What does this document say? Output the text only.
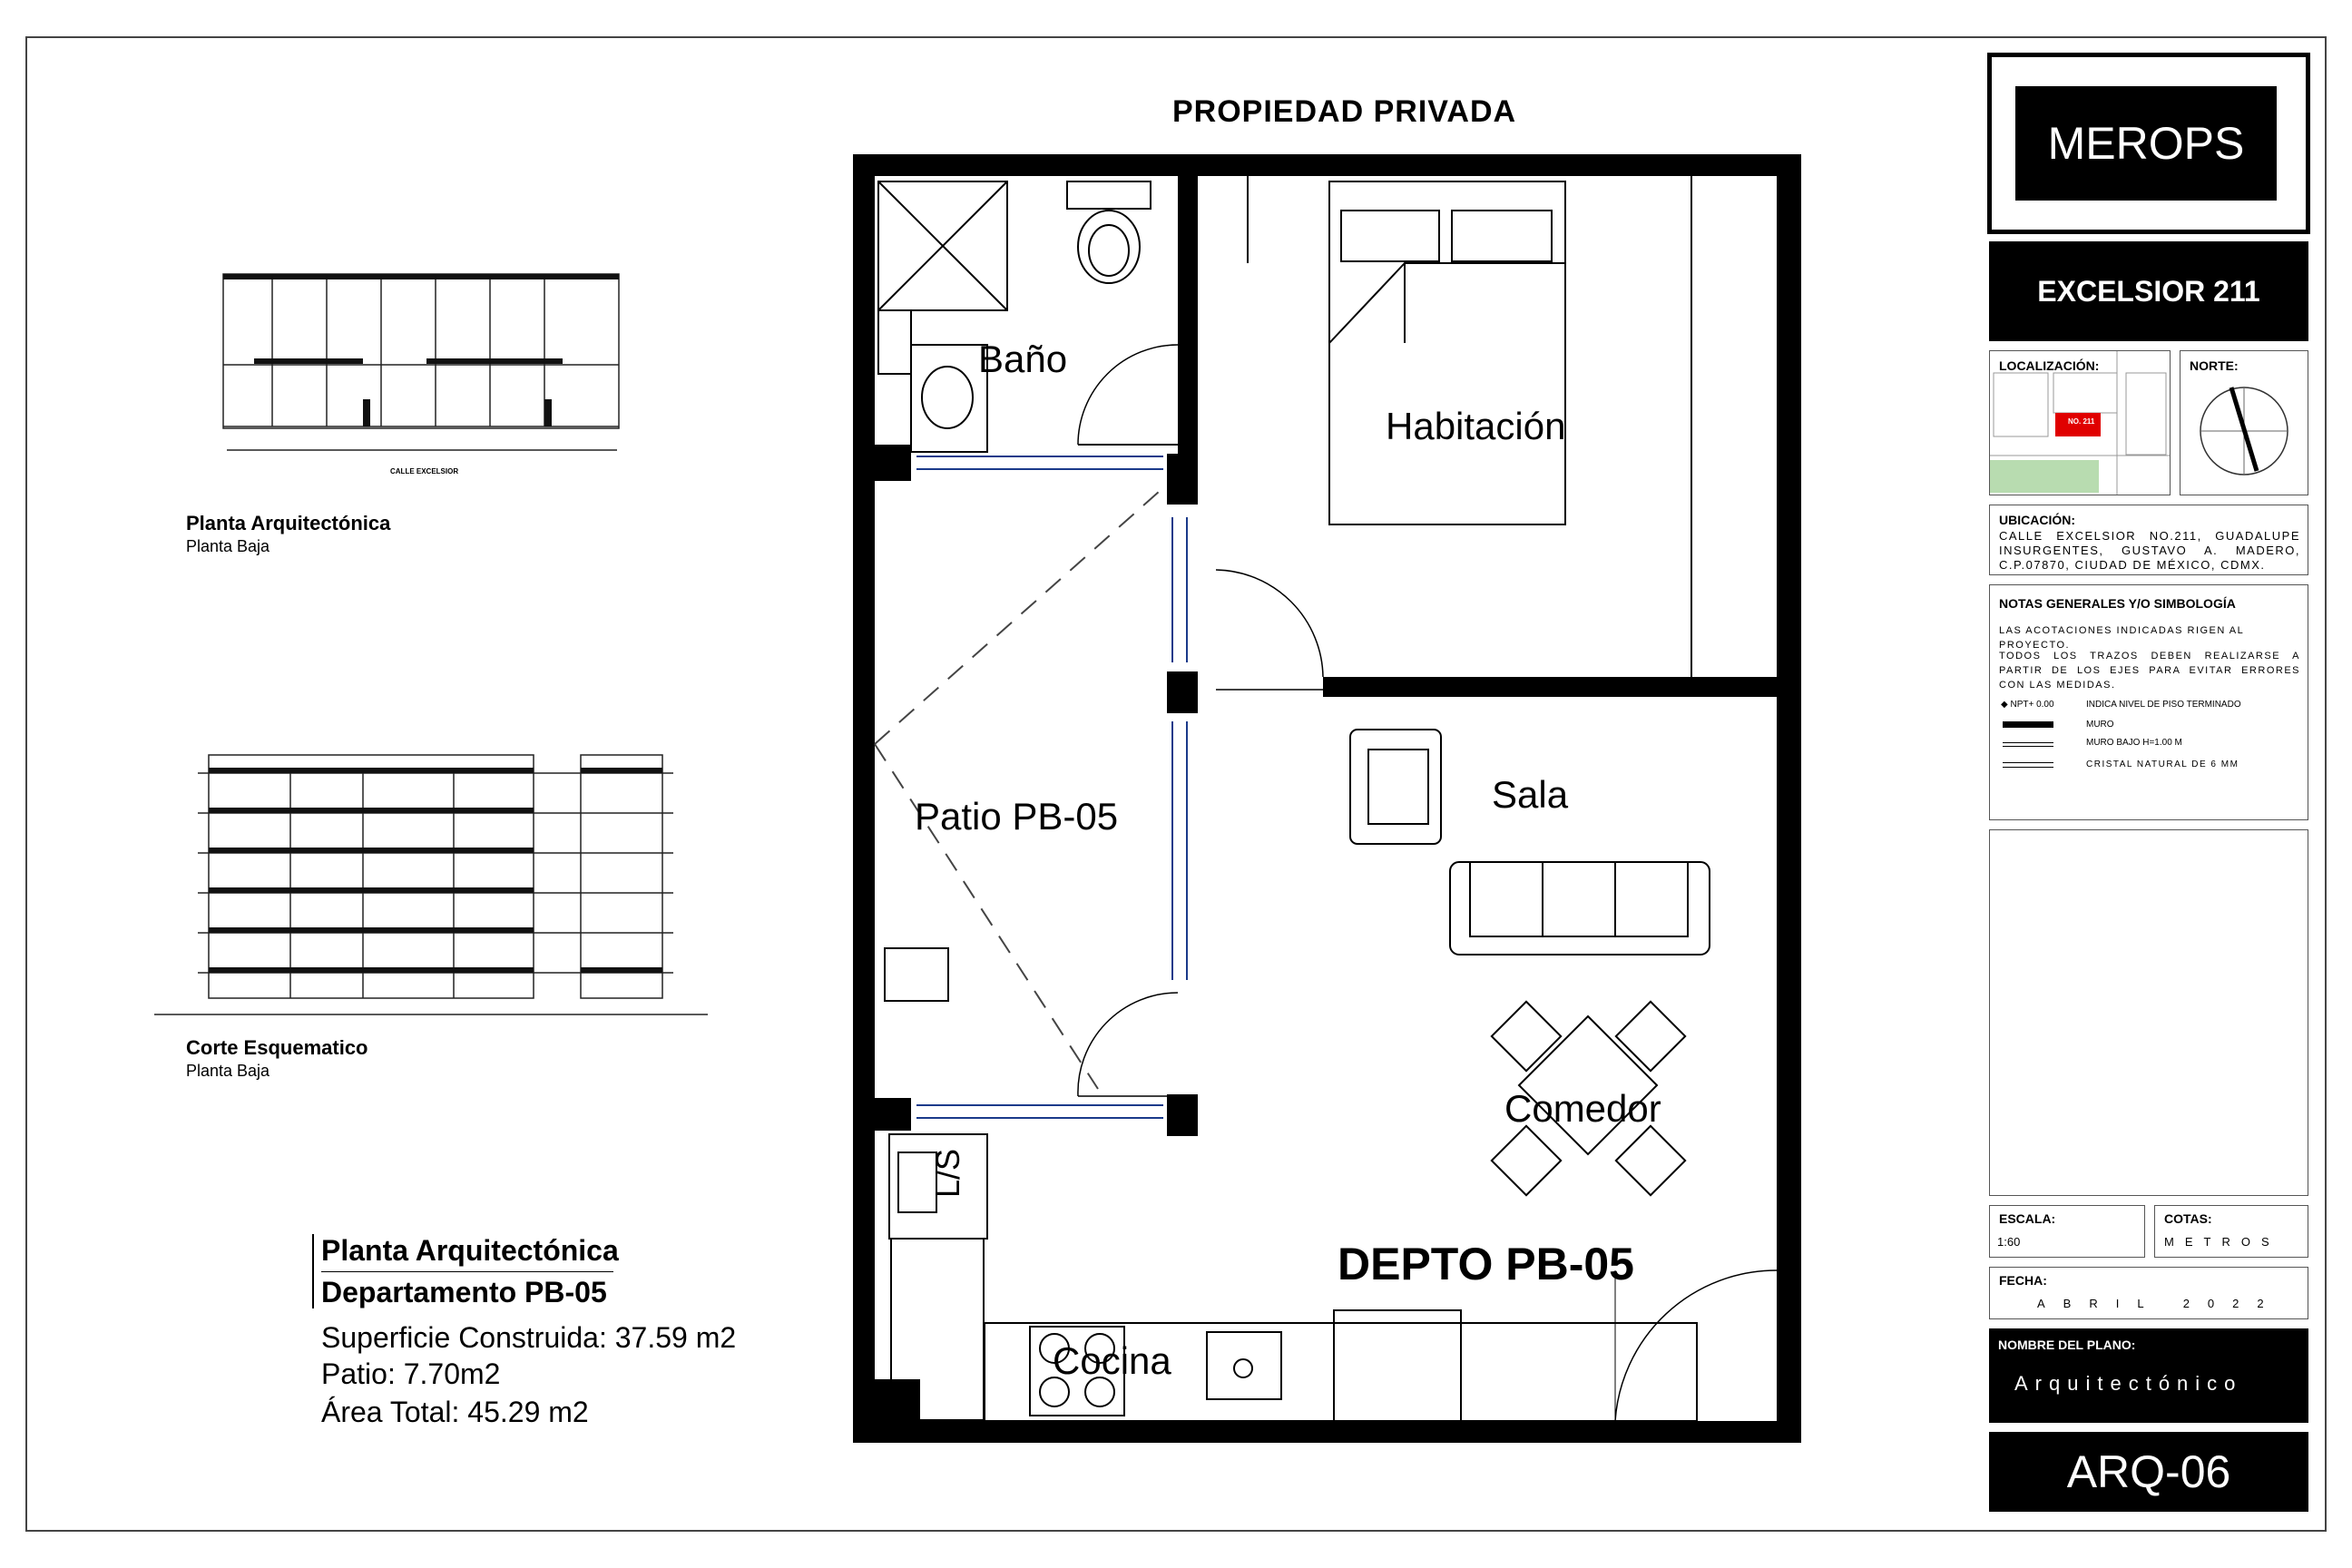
PROPIEDAD PRIVADA
Baño
Habitación
Patio PB-05
Sala
Comedor
Cocina
L/S
DEPTO PB-05
CALLE EXCELSIOR
Planta Arquitectónica
Planta Baja
Corte Esquematico
Planta Baja
Planta Arquitectónica
Departamento PB-05
Superficie Construida: 37.59 m2
Patio: 7.70m2
Área Total: 45.29 m2
MEROPS
EXCELSIOR 211
LOCALIZACIÓN:
NO. 211
NORTE:
UBICACIÓN:
CALLE EXCELSIOR NO.211, GUADALUPE INSURGENTES, GUSTAVO A. MADERO, C.P.07870, CIUDAD DE MÉXICO, CDMX.
NOTAS GENERALES Y/O SIMBOLOGÍA
LAS ACOTACIONES INDICADAS RIGEN AL PROYECTO.
TODOS LOS TRAZOS DEBEN REALIZARSE A PARTIR DE LOS EJES PARA EVITAR ERRORES CON LAS MEDIDAS.
◆ NPT+ 0.00	INDICA NIVEL DE PISO TERMINADO
MURO
MURO BAJO H=1.00 M
CRISTAL NATURAL DE 6 MM
ESCALA:
1:60
COTAS:
METROS
FECHA:
ABRIL 2022
NOMBRE DEL PLANO:
Arquitectónico
ARQ-06
